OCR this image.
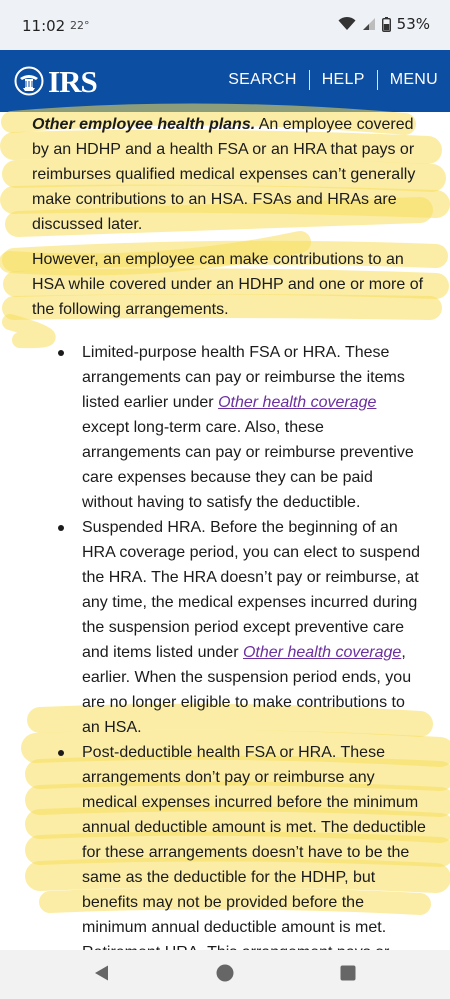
11:02 22°	53%
IRS	SEARCH	HELP	MENU

Other employee health plans. An employee covered by an HDHP and a health FSA or an HRA that pays or reimburses qualified medical expenses can’t generally make contributions to an HSA. FSAs and HRAs are discussed later.

However, an employee can make contributions to an HSA while covered under an HDHP and one or more of the following arrangements.

Limited-purpose health FSA or HRA. These arrangements can pay or reimburse the items listed earlier under Other health coverage except long-term care. Also, these arrangements can pay or reimburse preventive care expenses because they can be paid without having to satisfy the deductible.
Suspended HRA. Before the beginning of an HRA coverage period, you can elect to suspend the HRA. The HRA doesn’t pay or reimburse, at any time, the medical expenses incurred during the suspension period except preventive care and items listed under Other health coverage, earlier. When the suspension period ends, you are no longer eligible to make contributions to an HSA.
Post-deductible health FSA or HRA. These arrangements don’t pay or reimburse any medical expenses incurred before the minimum annual deductible amount is met. The deductible for these arrangements doesn’t have to be the same as the deductible for the HDHP, but benefits may not be provided before the minimum annual deductible amount is met.
